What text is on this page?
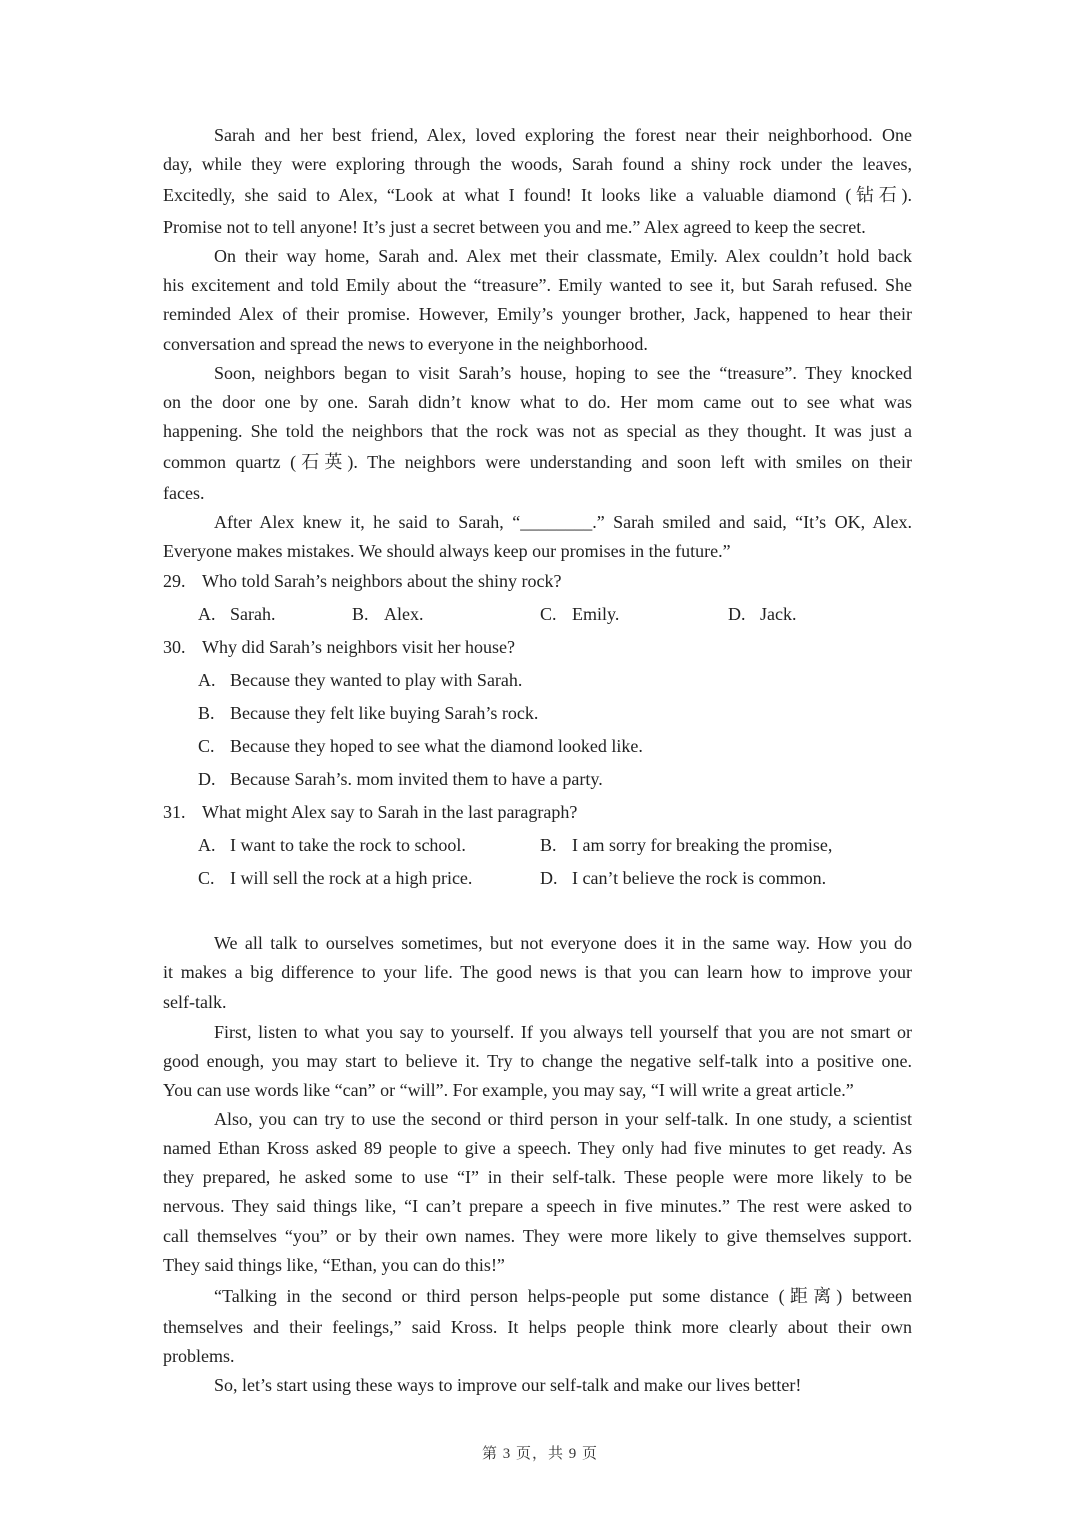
Sarah and her best friend, Alex, loved exploring the forest near their neighborhood. One
day, while they were exploring through the woods, Sarah found a shiny rock under the leaves,
Excitedly, she said to Alex, “Look at what I found! It looks like a valuable diamond (钻石).
Promise not to tell anyone! It’s just a secret between you and me.” Alex agreed to keep the secret.
On their way home, Sarah and. Alex met their classmate, Emily. Alex couldn’t hold back
his excitement and told Emily about the “treasure”. Emily wanted to see it, but Sarah refused. She
reminded Alex of their promise. However, Emily’s younger brother, Jack, happened to hear their
conversation and spread the news to everyone in the neighborhood.
Soon, neighbors began to visit Sarah’s house, hoping to see the “treasure”. They knocked
on the door one by one. Sarah didn’t know what to do. Her mom came out to see what was
happening. She told the neighbors that the rock was not as special as they thought. It was just a
common quartz (石英). The neighbors were understanding and soon left with smiles on their
faces.
After Alex knew it, he said to Sarah, “________.” Sarah smiled and said, “It’s OK, Alex.
Everyone makes mistakes. We should always keep our promises in the future.”
29. Who told Sarah’s neighbors about the shiny rock?
A. Sarah.	B. Alex.	C. Emily.	D. Jack.
30. Why did Sarah’s neighbors visit her house?
A. Because they wanted to play with Sarah.
B. Because they felt like buying Sarah’s rock.
C. Because they hoped to see what the diamond looked like.
D. Because Sarah’s. mom invited them to have a party.
31. What might Alex say to Sarah in the last paragraph?
A. I want to take the rock to school.	B. I am sorry for breaking the promise,
C. I will sell the rock at a high price.	D. I can’t believe the rock is common.
We all talk to ourselves sometimes, but not everyone does it in the same way. How you do
it makes a big difference to your life. The good news is that you can learn how to improve your
self-talk.
First, listen to what you say to yourself. If you always tell yourself that you are not smart or
good enough, you may start to believe it. Try to change the negative self-talk into a positive one.
You can use words like “can” or “will”. For example, you may say, “I will write a great article.”
Also, you can try to use the second or third person in your self-talk. In one study, a scientist
named Ethan Kross asked 89 people to give a speech. They only had five minutes to get ready. As
they prepared, he asked some to use “I” in their self-talk. These people were more likely to be
nervous. They said things like, “I can’t prepare a speech in five minutes.” The rest were asked to
call themselves “you” or by their own names. They were more likely to give themselves support.
They said things like, “Ethan, you can do this!”
“Talking in the second or third person helps-people put some distance (距离) between
themselves and their feelings,” said Kross. It helps people think more clearly about their own
problems.
So, let’s start using these ways to improve our self-talk and make our lives better!
第 3 页，共 9 页
